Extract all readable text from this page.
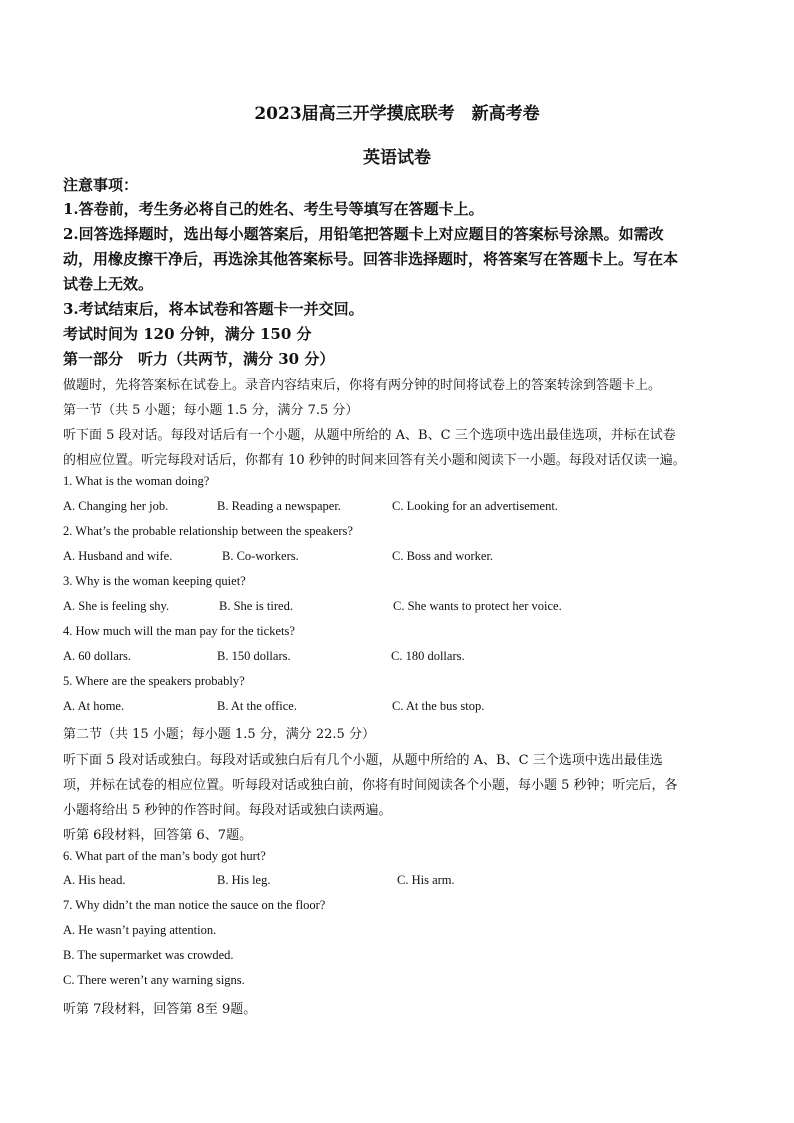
2023届高三开学摸底联考　新高考卷
英语试卷
注意事项：
1.答卷前，考生务必将自己的姓名、考生号等填写在答题卡上。
2.回答选择题时，选出每小题答案后，用铅笔把答题卡上对应题目的答案标号涂黑。如需改
动，用橡皮擦干净后，再选涂其他答案标号。回答非选择题时，将答案写在答题卡上。写在本
试卷上无效。
3.考试结束后，将本试卷和答题卡一并交回。
考试时间为 120 分钟，满分 150 分
第一部分　听力（共两节，满分 30 分）
做题时，先将答案标在试卷上。录音内容结束后，你将有两分钟的时间将试卷上的答案转涂到答题卡上。
第一节（共 5 小题；每小题 1.5 分，满分 7.5 分）
听下面 5 段对话。每段对话后有一个小题，从题中所给的 A、B、C 三个选项中选出最佳选项，并标在试卷
的相应位置。听完每段对话后，你都有 10 秒钟的时间来回答有关小题和阅读下一小题。每段对话仅读一遍。
1. What is the woman doing?
A. Changing her job.	B. Reading a newspaper.	C. Looking for an advertisement.
2. What’s the probable relationship between the speakers?
A. Husband and wife.	B. Co-workers.	C. Boss and worker.
3. Why is the woman keeping quiet?
A. She is feeling shy.	B. She is tired.	C. She wants to protect her voice.
4. How much will the man pay for the tickets?
A. 60 dollars.	B. 150 dollars.	C. 180 dollars.
5. Where are the speakers probably?
A. At home.	B. At the office.	C. At the bus stop.
第二节（共 15 小题；每小题 1.5 分，满分 22.5 分）
听下面 5 段对话或独白。每段对话或独白后有几个小题，从题中所给的 A、B、C 三个选项中选出最佳选
项，并标在试卷的相应位置。听每段对话或独白前，你将有时间阅读各个小题，每小题 5 秒钟；听完后，各
小题将给出 5 秒钟的作答时间。每段对话或独白读两遍。
听第 6段材料，回答第 6、7题。
6. What part of the man’s body got hurt?
A. His head.	B. His leg.	C. His arm.
7. Why didn’t the man notice the sauce on the floor?
A. He wasn’t paying attention.
B. The supermarket was crowded.
C. There weren’t any warning signs.
听第 7段材料，回答第 8至 9题。
